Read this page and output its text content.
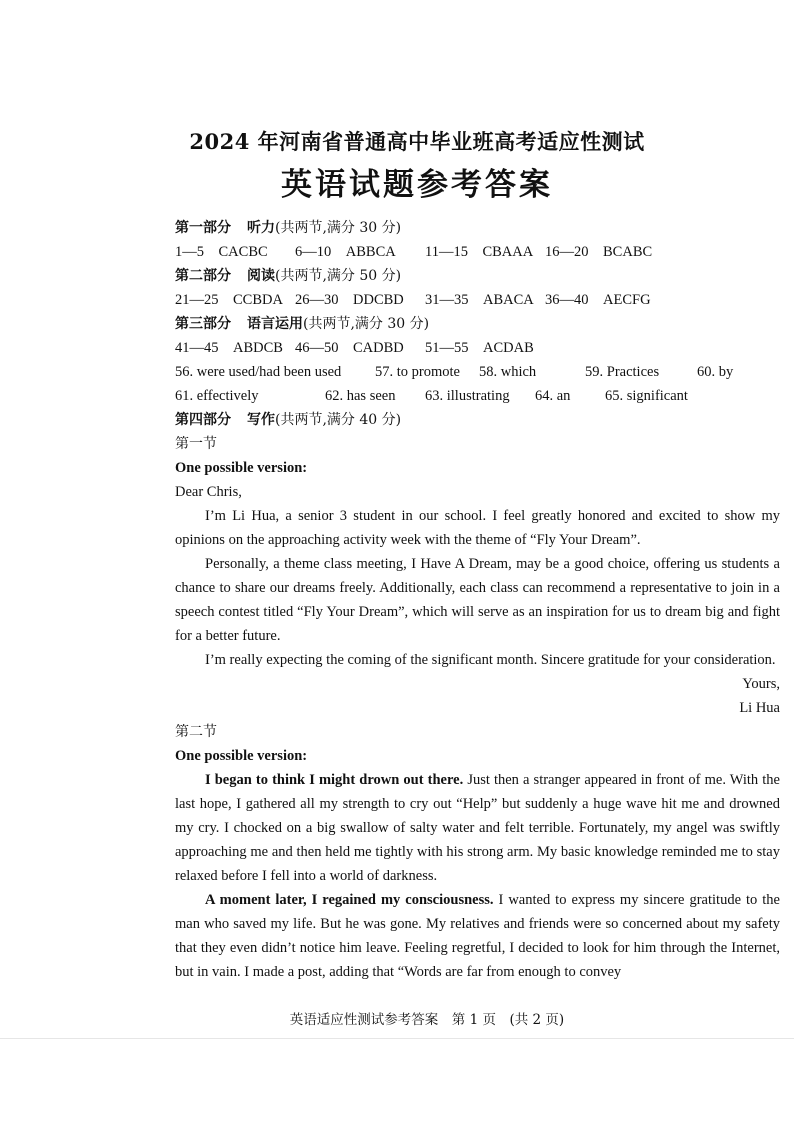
2024 年河南省普通高中毕业班高考适应性测试
英语试题参考答案
第一部分 听力(共两节,满分 30 分)
1—5　CACBC	6—10　ABBCA	11—15　CBAAA 16—20　BCABC
第二部分 阅读(共两节,满分 50 分)
21—25　CCBDA 26—30　DDCBD	31—35　ABACA 36—40　AECFG
第三部分 语言运用(共两节,满分 30 分)
41—45　ABDCB 46—50　CADBD	51—55　ACDAB
56. were used/had been used	57. to promote	58. which	59. Practices	60. by
61. effectively	62. has seen	63. illustrating	64. an	65. significant
第四部分 写作(共两节,满分 40 分)
第一节
One possible version:
Dear Chris,

I’m Li Hua, a senior 3 student in our school. I feel greatly honored and excited to show my opinions on the approaching activity week with the theme of “Fly Your Dream”.

Personally, a theme class meeting, I Have A Dream, may be a good choice, offering us students a chance to share our dreams freely. Additionally, each class can recommend a representative to join in a speech contest titled “Fly Your Dream”, which will serve as an inspiration for us to dream big and fight for a better future.

I’m really expecting the coming of the significant month. Sincere gratitude for your consideration.

Yours,
Li Hua
第二节
One possible version:

I began to think I might drown out there. Just then a stranger appeared in front of me. With the last hope, I gathered all my strength to cry out “Help” but suddenly a huge wave hit me and drowned my cry. I chocked on a big swallow of salty water and felt terrible. Fortunately, my angel was swiftly approaching me and then held me tightly with his strong arm. My basic knowledge reminded me to stay relaxed before I fell into a world of darkness.

A moment later, I regained my consciousness. I wanted to express my sincere gratitude to the man who saved my life. But he was gone. My relatives and friends were so concerned about my safety that they even didn’t notice him leave. Feeling regretful, I decided to look for him through the Internet, but in vain. I made a post, adding that “Words are far from enough to convey

英语适应性测试参考答案　第 1 页　(共 2 页)
